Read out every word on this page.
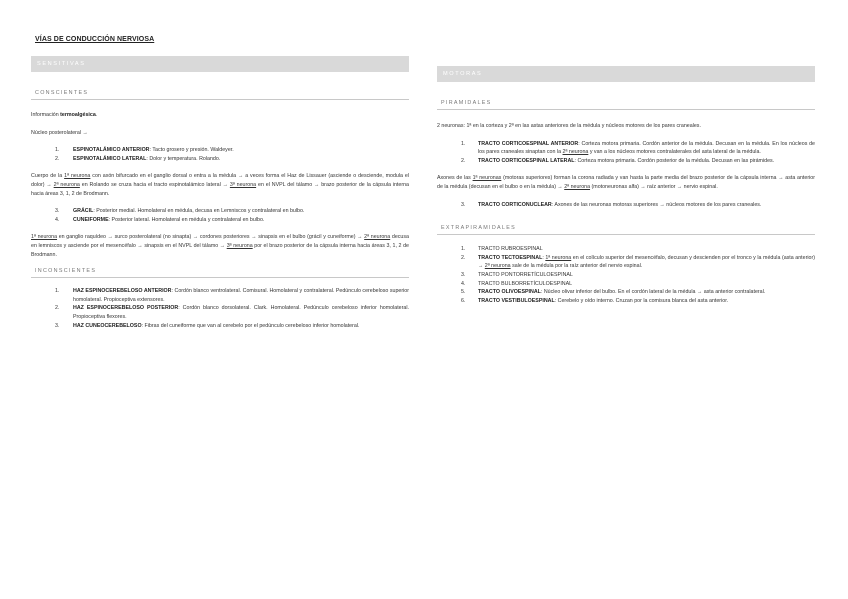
VÍAS DE CONDUCCIÓN NERVIOSA
SENSITIVAS
CONSCIENTES

Información termoalgésica.

Núcleo posterolateral →

1.	ESPINOTALÁMICO ANTERIOR: Tacto grosero y presión. Waldeyer.
2.	ESPINOTALÁMICO LATERAL: Dolor y temperatura. Rolando.

Cuerpo de la 1ª neurona con axón bifurcado en el ganglio dorsal o entra a la médula → a veces forma el Haz de Lissauer (asciende o desciende, modula el dolor) → 2ª neurona en Rolando se cruza hacia el tracto espinotalámico lateral → 3ª neurona en el NVPL del tálamo → brazo posterior de la cápsula interna hacia áreas 3, 1, 2 de Brodmann.

3.	GRÁCIL: Posterior medial. Homolateral en médula, decusa en Lemniscos y contralateral en bulbo.
4.	CUNEIFORME: Posterior lateral. Homolateral en médula y contralateral en bulbo.

1ª neurona en ganglio raquídeo → surco posterolateral (no sinapta) → cordones posteriores → sinapsis en el bulbo (grácil y cuneiforme) → 2ª neurona decusa en lemniscos y asciende por el mesencéfalo → sinapsis en el NVPL del tálamo → 3ª neurona por el brazo posterior de la cápsula interna hacia áreas 3, 1, 2 de Brodmann.

INCONSCIENTES
1.	HAZ ESPINOCEREBELOSO ANTERIOR: Cordón blanco ventrolateral. Comisural. Homolateral y contralateral. Pedúnculo cerebeloso superior homolateral. Propioceptiva extensores.
2.	HAZ ESPINOCEREBELOSO POSTERIOR: Cordón blanco dorsolateral. Clark. Homolateral. Pedúnculo cerebeloso inferior homolateral. Propioceptiva flexores.
3.	HAZ CUNEOCEREBELOSO: Fibras del cuneiforme que van al cerebelo por el pedúnculo cerebeloso inferior homolateral.
MOTORAS
PIRAMIDALES

2 neuronas: 1ª en la corteza y 2ª en las astas anteriores de la médula y núcleos motores de los pares craneales.

1. TRACTO CORTICOESPINAL ANTERIOR: Corteza motora primaria. Cordón anterior de la médula. Decusan en la médula. En los núcleos de los pares craneales sinaptan con la 2ª neurona y van a los núcleos motores contralaterales del asta lateral de la médula.
2. TRACTO CORTICOESPINAL LATERAL: Corteza motora primaria. Cordón posterior de la médula. Decusan en las pirámides.

Axones de las 1ª neuronas (motoras superiores) forman la corona radiada y van hasta la parte media del brazo posterior de la cápsula interna → asta anterior de la médula (decusan en el bulbo o en la médula) → 2ª neurona (motoneuronas alfa) → raíz anterior → nervio espinal.

3. TRACTO CORTICONUCLEAR: Axones de las neuronas motoras superiores → núcleos motores de los pares craneales.
EXTRAPIRAMIDALES
1. TRACTO RUBROESPINAL
2. TRACTO TECTOESPINAL: 1ª neurona en el colículo superior del mesencéfalo, decusan y descienden por el tronco y la médula (asta anterior) → 2ª neurona sale de la médula por la raíz anterior del nervio espinal.
3. TRACTO PONTORRETÍCULOESPINAL
4. TRACTO BULBORRETÍCULOESPINAL
5. TRACTO OLIVOESPINAL: Núcleo olivar inferior del bulbo. En el cordón lateral de la médula → asta anterior contralateral.
6. TRACTO VESTIBULOESPINAL: Cerebelo y oído interno. Cruzan por la comisura blanca del asta anterior.
